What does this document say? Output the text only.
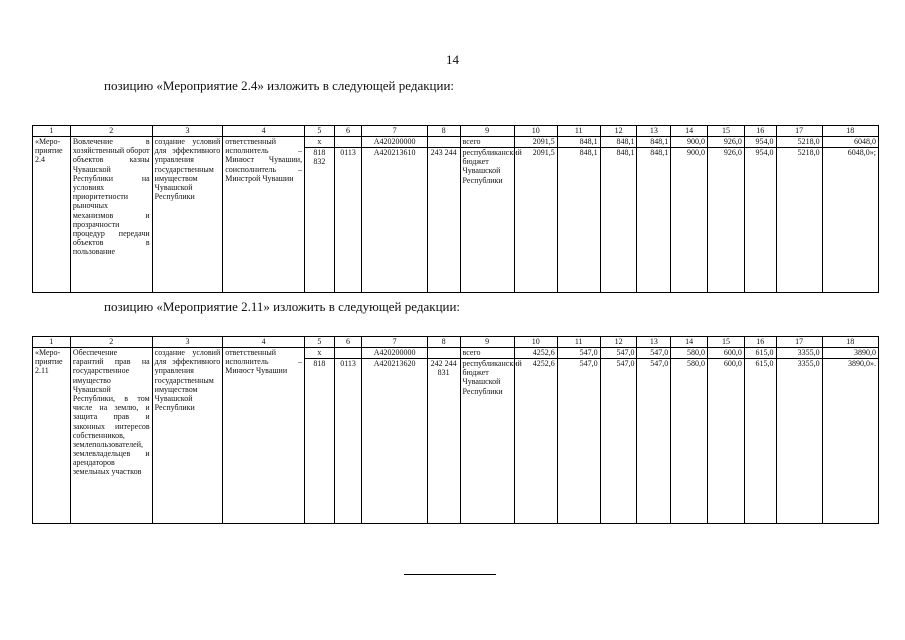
14
позицию «Мероприятие 2.4» изложить в следующей редакции:
1	2	3	4	5	6	7	8	9	10	11	12	13	14	15	16	17	18
«Меро-приятие 2.4	Вовлечение в хозяйственный оборот объектов казны Чувашской Республики на условиях приоритетности рыночных механизмов и прозрачности процедур передачи объектов в пользование	создание условий для эффективного управления государственным имуществом Чувашской Республики	ответственный исполнитель – Минюст Чувашии, соисполнитель – Минстрой Чувашии	x		А420200000		всего	2091,5	848,1	848,1	848,1	900,0	926,0	954,0	5218,0	6048,0
				818 832	0113	А420213610	243 244	республиканский бюджет Чувашской Республики	2091,5	848,1	848,1	848,1	900,0	926,0	954,0	5218,0	6048,0»;
позицию «Мероприятие 2.11» изложить в следующей редакции:
1	2	3	4	5	6	7	8	9	10	11	12	13	14	15	16	17	18
«Меро-приятие 2.11	Обеспечение гарантий прав на государственное имущество Чувашской Республики, в том числе на землю, и защита прав и законных интересов собственников, землепользователей, землевладельцев и арендаторов земельных участков	создание условий для эффективного управления государственным имуществом Чувашской Республики	ответственный исполнитель – Минюст Чувашии	x		А420200000		всего	4252,6	547,0	547,0	547,0	580,0	600,0	615,0	3355,0	3890,0
				818	0113	А420213620	242 244 831	республиканский бюджет Чувашской Республики	4252,6	547,0	547,0	547,0	580,0	600,0	615,0	3355,0	3890,0».
